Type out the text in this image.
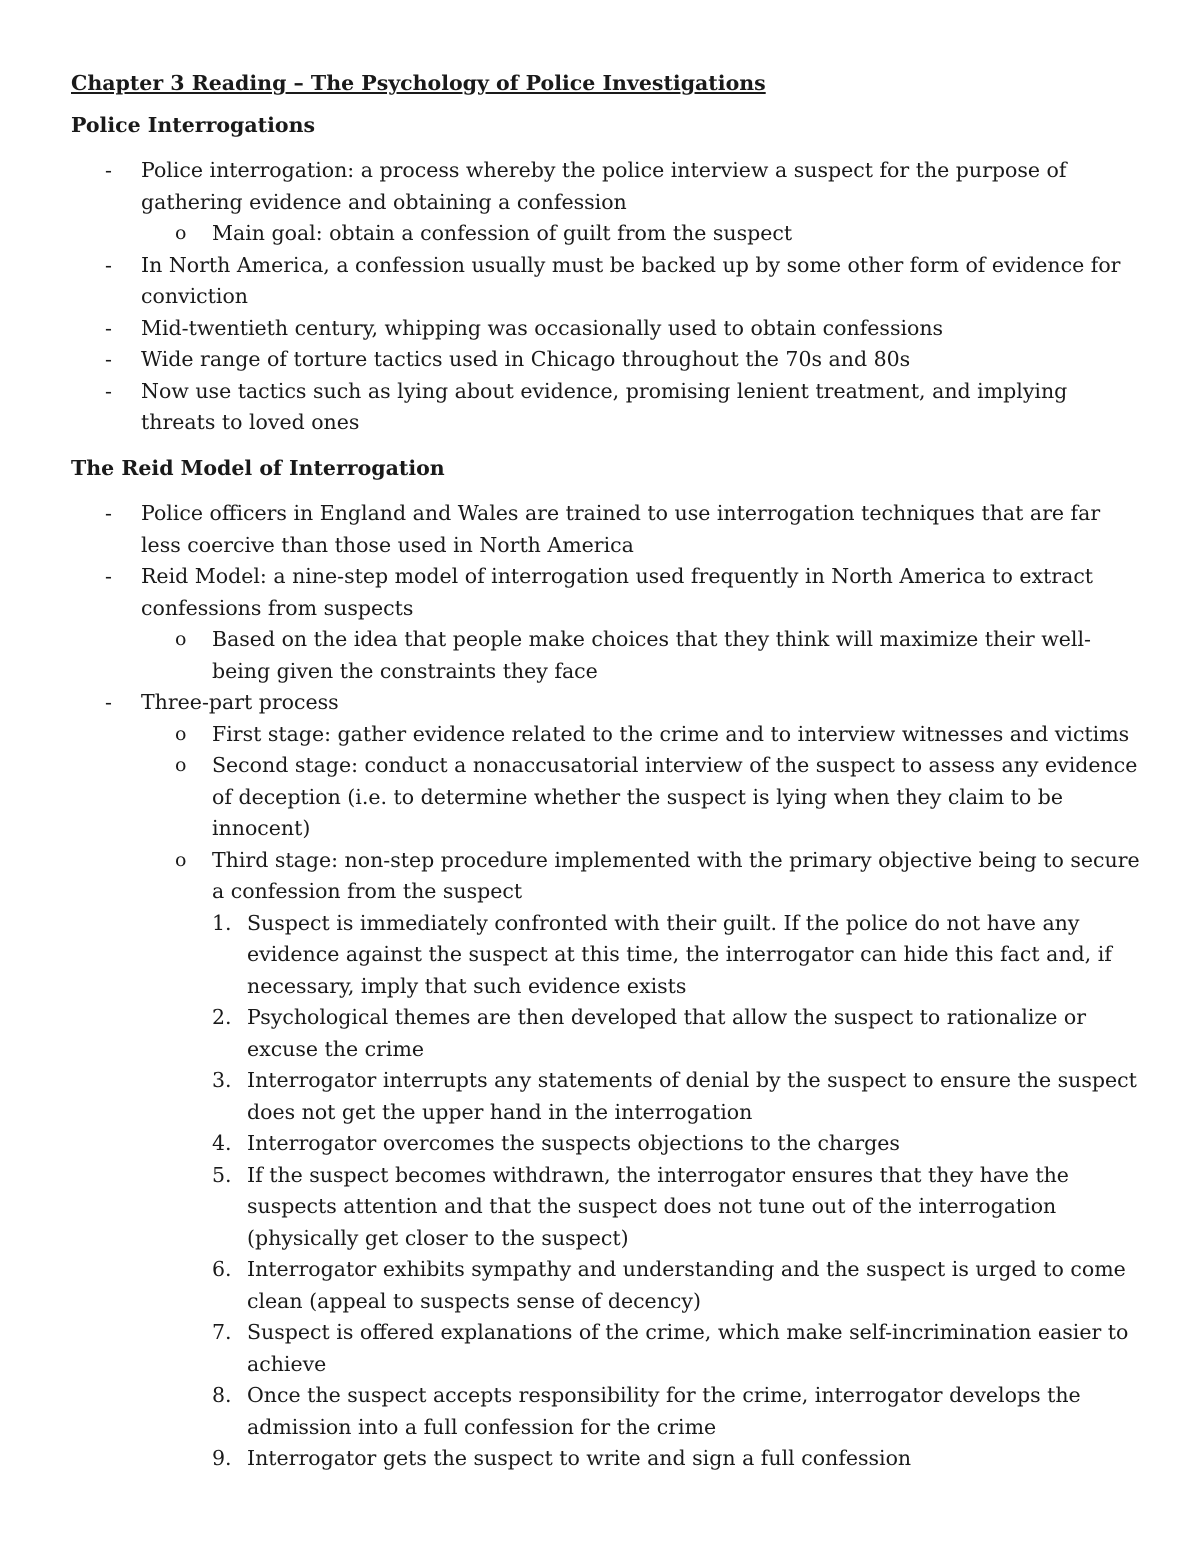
Chapter 3 Reading – The Psychology of Police Investigations
Police Interrogations
- Police interrogation: a process whereby the police interview a suspect for the purpose of gathering evidence and obtaining a confession
o Main goal: obtain a confession of guilt from the suspect
- In North America, a confession usually must be backed up by some other form of evidence for conviction
- Mid-twentieth century, whipping was occasionally used to obtain confessions
- Wide range of torture tactics used in Chicago throughout the 70s and 80s
- Now use tactics such as lying about evidence, promising lenient treatment, and implying threats to loved ones
The Reid Model of Interrogation
- Police officers in England and Wales are trained to use interrogation techniques that are far less coercive than those used in North America
- Reid Model: a nine-step model of interrogation used frequently in North America to extract confessions from suspects
o Based on the idea that people make choices that they think will maximize their well-being given the constraints they face
- Three-part process
o First stage: gather evidence related to the crime and to interview witnesses and victims
o Second stage: conduct a nonaccusatorial interview of the suspect to assess any evidence of deception (i.e. to determine whether the suspect is lying when they claim to be innocent)
o Third stage: non-step procedure implemented with the primary objective being to secure a confession from the suspect
1. Suspect is immediately confronted with their guilt. If the police do not have any evidence against the suspect at this time, the interrogator can hide this fact and, if necessary, imply that such evidence exists
2. Psychological themes are then developed that allow the suspect to rationalize or excuse the crime
3. Interrogator interrupts any statements of denial by the suspect to ensure the suspect does not get the upper hand in the interrogation
4. Interrogator overcomes the suspects objections to the charges
5. If the suspect becomes withdrawn, the interrogator ensures that they have the suspects attention and that the suspect does not tune out of the interrogation (physically get closer to the suspect)
6. Interrogator exhibits sympathy and understanding and the suspect is urged to come clean (appeal to suspects sense of decency)
7. Suspect is offered explanations of the crime, which make self-incrimination easier to achieve
8. Once the suspect accepts responsibility for the crime, interrogator develops the admission into a full confession for the crime
9. Interrogator gets the suspect to write and sign a full confession
